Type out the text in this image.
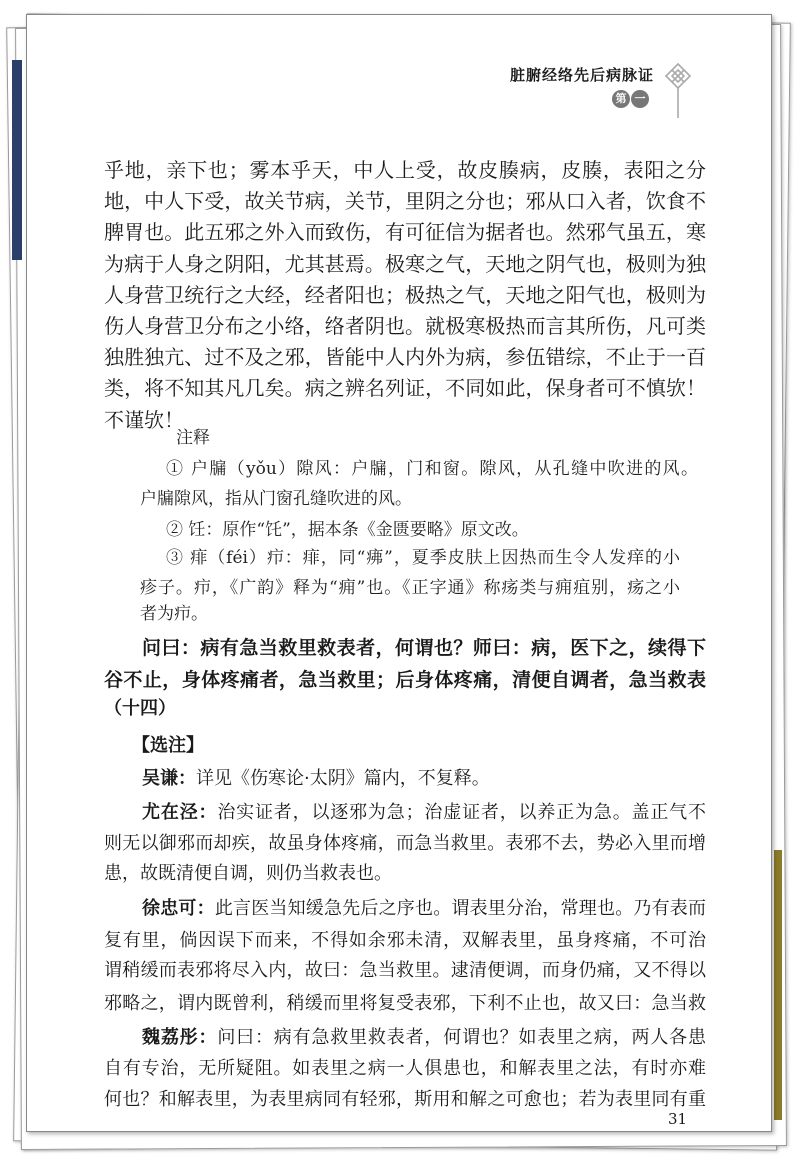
脏腑经络先后病脉证
第 一
乎地，亲下也；雾本乎天，中人上受，故皮腠病，皮腠，表阳之分
地，中人下受，故关节病，关节，里阴之分也；邪从口入者，饮食不
脾胃也。此五邪之外入而致伤，有可征信为据者也。然邪气虽五，寒
为病于人身之阴阳，尤其甚焉。极寒之气，天地之阴气也，极则为独
人身营卫统行之大经，经者阳也；极热之气，天地之阳气也，极则为
伤人身营卫分布之小络，络者阴也。就极寒极热而言其所伤，凡可类
独胜独亢、过不及之邪，皆能中人内外为病，参伍错综，不止于一百
类，将不知其凡几矣。病之辨名列证，不同如此，保身者可不慎欤！
不谨欤！
注释
① 户牖（yǒu）隙风：户牖，门和窗。隙风，从孔缝中吹进的风。
户牖隙风，指从门窗孔缝吹进的风。
② 饪：原作“饦”，据本条《金匮要略》原文改。
③ 痱（féi）疖：痱，同“疿”，夏季皮肤上因热而生令人发痒的小
疹子。疖，《广韵》释为“痈”也。《正字通》称疡类与痈疽别，疡之小
者为疖。
问曰：病有急当救里救表者，何谓也？师曰：病，医下之，续得下
谷不止，身体疼痛者，急当救里；后身体疼痛，清便自调者，急当救表
（十四）
【选注】
吴谦：详见《伤寒论·太阴》篇内，不复释。
尤在泾：治实证者，以逐邪为急；治虚证者，以养正为急。盖正气不
则无以御邪而却疾，故虽身体疼痛，而急当救里。表邪不去，势必入里而增
患，故既清便自调，则仍当救表也。
徐忠可：此言医当知缓急先后之序也。谓表里分治，常理也。乃有表而
复有里，倘因误下而来，不得如余邪未清，双解表里，虽身疼痛，不可治
谓稍缓而表邪将尽入内，故曰：急当救里。逮清便调，而身仍痛，又不得以
邪略之，谓内既曾利，稍缓而里将复受表邪，下利不止也，故又曰：急当救
魏荔彤：问曰：病有急救里救表者，何谓也？如表里之病，两人各患
自有专治，无所疑阻。如表里之病一人俱患也，和解表里之法，有时亦难
何也？和解表里，为表里病同有轻邪，斯用和解之可愈也；若为表里同有重
31
